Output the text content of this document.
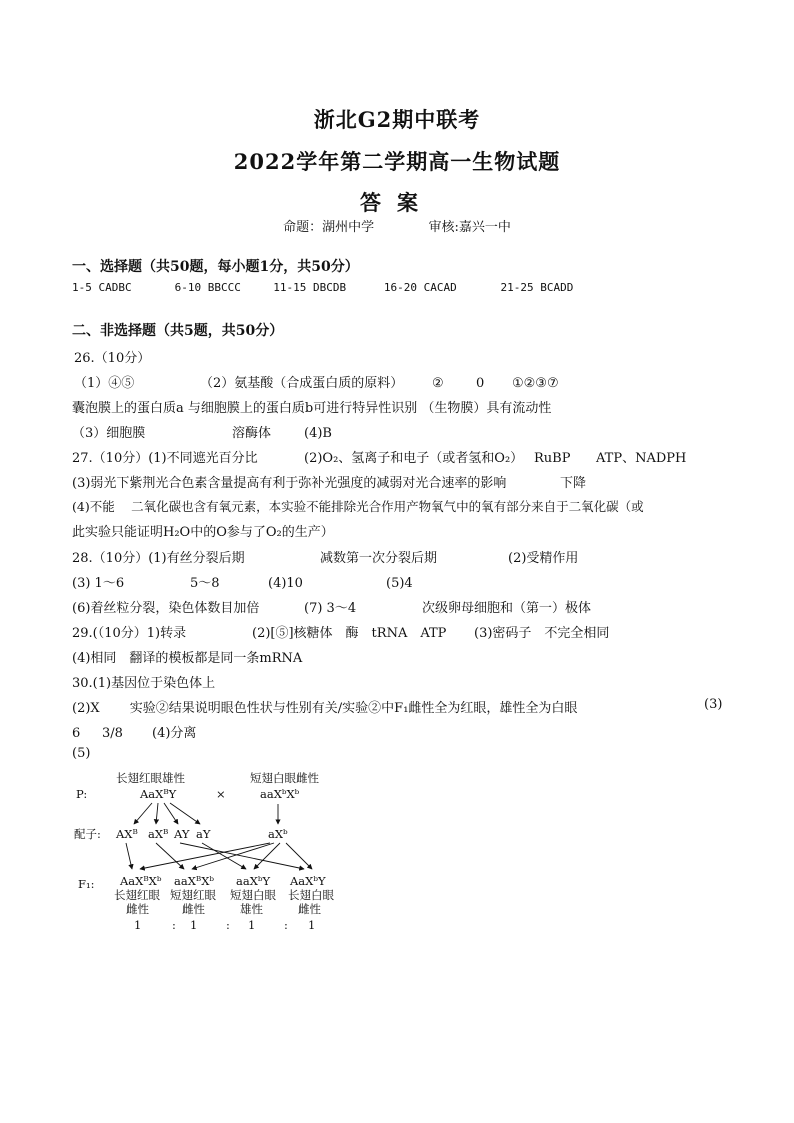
浙北G2期中联考
2022学年第二学期高一生物试题
答案
命题：湖州中学	审核:嘉兴一中
一、选择题（共50题，每小题1分，共50分）
1-5 CADBC	6-10 BBCCC	11-15 DBCDB	16-20 CACAD	21-25 BCADD
二、非选择题（共5题，共50分）
26.（10分）
（1）④⑤	（2）氨基酸（合成蛋白质的原料） ② 0 ①②③⑦
囊泡膜上的蛋白质a 与细胞膜上的蛋白质b可进行特异性识别 （生物膜）具有流动性
（3）细胞膜	溶酶体	(4)B
27.（10分）(1)不同遮光百分比	(2)O₂、氢离子和电子（或者氢和O₂） RuBP ATP、NADPH
(3)弱光下紫荆光合色素含量提高有利于弥补光强度的减弱对光合速率的影响	下降
(4)不能　 二氧化碳也含有氧元素，本实验不能排除光合作用产物氧气中的氧有部分来自于二氧化碳（或
此实验只能证明H₂O中的O参与了O₂的生产）
28.（10分）(1)有丝分裂后期	减数第一次分裂后期	(2)受精作用
(3) 1～6	5～8	(4)10	(5)4
(6)着丝粒分裂，染色体数目加倍	(7) 3～4	次级卵母细胞和（第一）极体
29.(（10分）1)转录	(2)[⑤]核糖体　酶　tRNA　ATP (3)密码子　不完全相同
(4)相同　翻译的模板都是同一条mRNA
30.(1)基因位于染色体上
(2)X　　 实验②结果说明眼色性状与性别有关/实验②中F₁雌性全为红眼，雄性全为白眼	(3)
6 3/8 (4)分离
(5)
长翅红眼雄性	短翅白眼雌性
P:	AaXᴮY	×	aaXᵇXᵇ
配子: AXᴮ aXᴮ AY aY	aXᵇ
F₁: AaXᴮXᵇ
长翅红眼
雌性
1	:
aaXᴮXᵇ
短翅红眼
雌性
1 :
aaXᵇY
短翅白眼
雄性
1 :
AaXᵇY
长翅白眼
雌性
1
